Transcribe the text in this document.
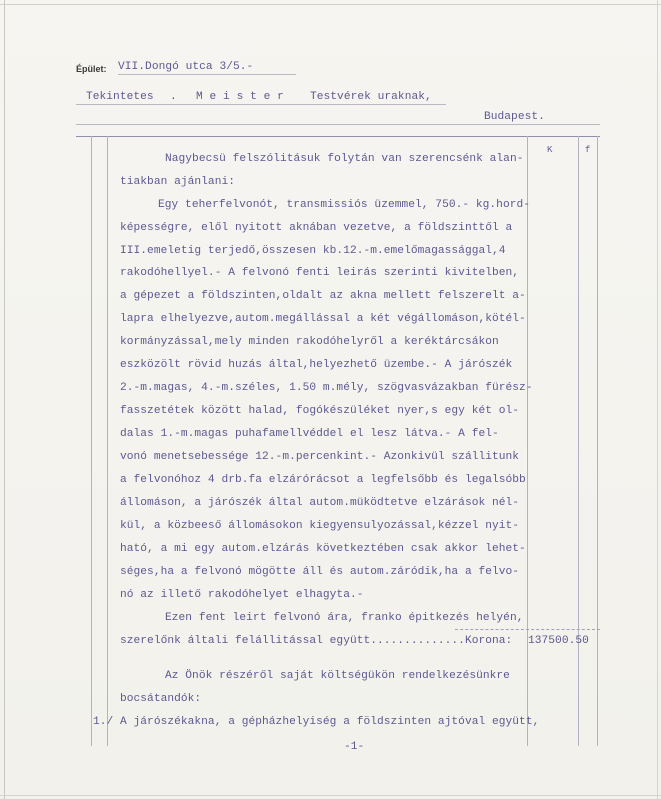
Épület: VII.Dongó utca 3/5.-
Tekintetes . M e i s t e r Testvérek uraknak,
Budapest.
K	f
Nagybecsü felszólitásuk folytán van szerencsénk alan-
tiakban ajánlani:
Egy teherfelvonót, transmissiós üzemmel, 750.- kg.hord-
képességre, elől nyitott aknában vezetve, a földszinttől a
III.emeletig terjedő,összesen kb.12.-m.emelőmagassággal,4
rakodóhellyel.- A felvonó fenti leirás szerinti kivitelben,
a gépezet a földszinten,oldalt az akna mellett felszerelt a-
lapra elhelyezve,autom.megállással a két végállomáson,kötél-
kormányzással,mely minden rakodóhelyről a keréktárcsákon
eszközölt rövid huzás által,helyezhető üzembe.- A járószék
2.-m.magas, 4.-m.széles, 1.50 m.mély, szögvasvázakban fürész-
fasszetétek között halad, fogókészüléket nyer,s egy két ol-
dalas 1.-m.magas puhafamellvéddel el lesz látva.- A fel-
vonó menetsebessége 12.-m.percenkint.- Azonkivül szállitunk
a felvonóhoz 4 drb.fa elzárórácsot a legfelsőbb és legalsóbb
állomáson, a járószék által autom.müködtetve elzárások nél-
kül, a közbeeső állomásokon kiegyensulyozással,kézzel nyit-
ható, a mi egy autom.elzárás következtében csak akkor lehet-
séges,ha a felvonó mögötte áll és autom.záródik,ha a felvo-
nó az illető rakodóhelyet elhagyta.-
Ezen fent leirt felvonó ára, franko épitkezés helyén,
szerelőnk általi felállitással együtt..............Korona: 137500.50
Az Önök részéről saját költségükön rendelkezésünkre
bocsátandók:
1./ A járószékakna, a gépházhelyiség a földszinten ajtóval együtt,
-1-
